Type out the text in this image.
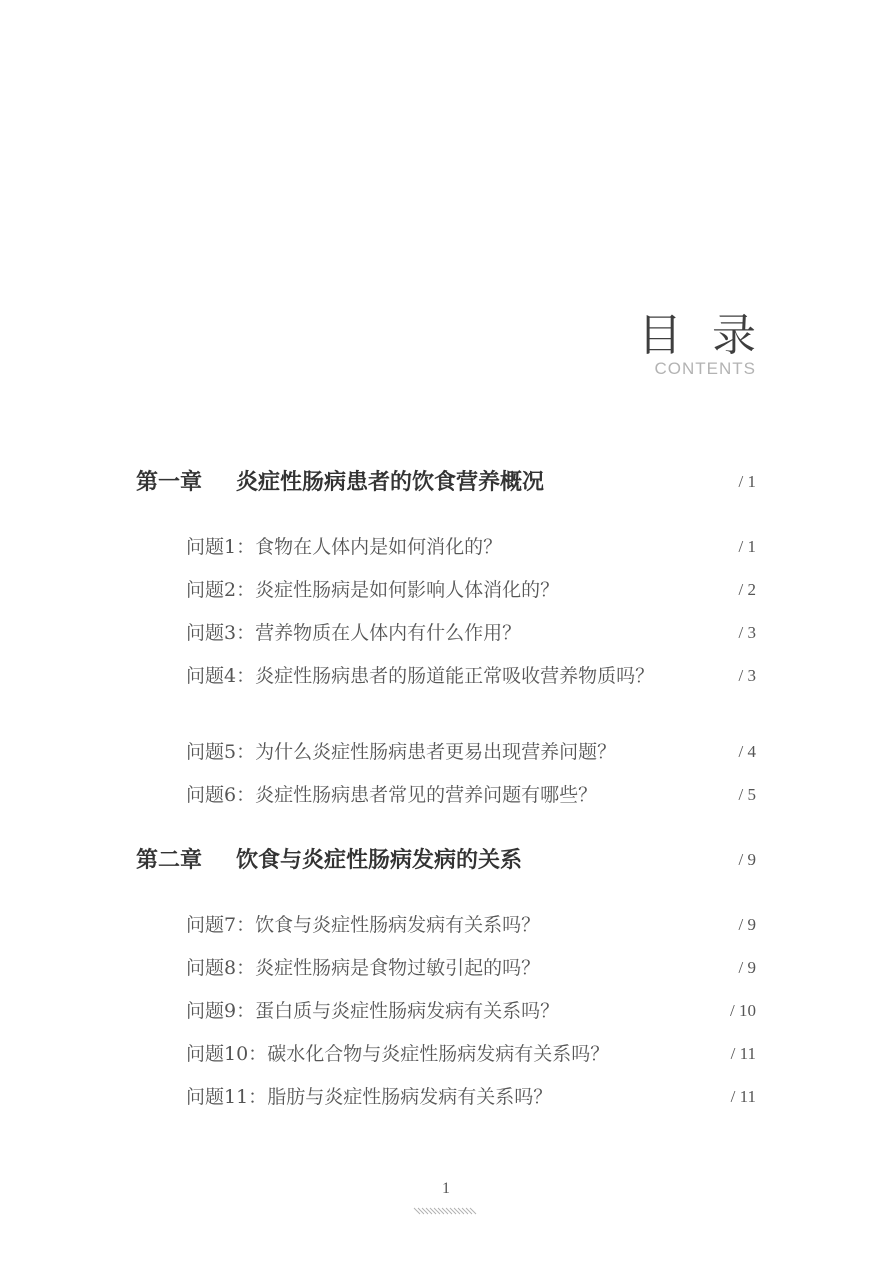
目录
CONTENTS
第一章	炎症性肠病患者的饮食营养概况	/ 1
问题1： 食物在人体内是如何消化的？	/ 1
问题2： 炎症性肠病是如何影响人体消化的？	/ 2
问题3： 营养物质在人体内有什么作用？	/ 3
问题4： 炎症性肠病患者的肠道能正常吸收营养物质吗？	/ 3
问题5： 为什么炎症性肠病患者更易出现营养问题？	/ 4
问题6： 炎症性肠病患者常见的营养问题有哪些？	/ 5
第二章	饮食与炎症性肠病发病的关系	/ 9
问题7： 饮食与炎症性肠病发病有关系吗？	/ 9
问题8： 炎症性肠病是食物过敏引起的吗？	/ 9
问题9： 蛋白质与炎症性肠病发病有关系吗？	/ 10
问题10： 碳水化合物与炎症性肠病发病有关系吗？	/ 11
问题11： 脂肪与炎症性肠病发病有关系吗？	/ 11
1
